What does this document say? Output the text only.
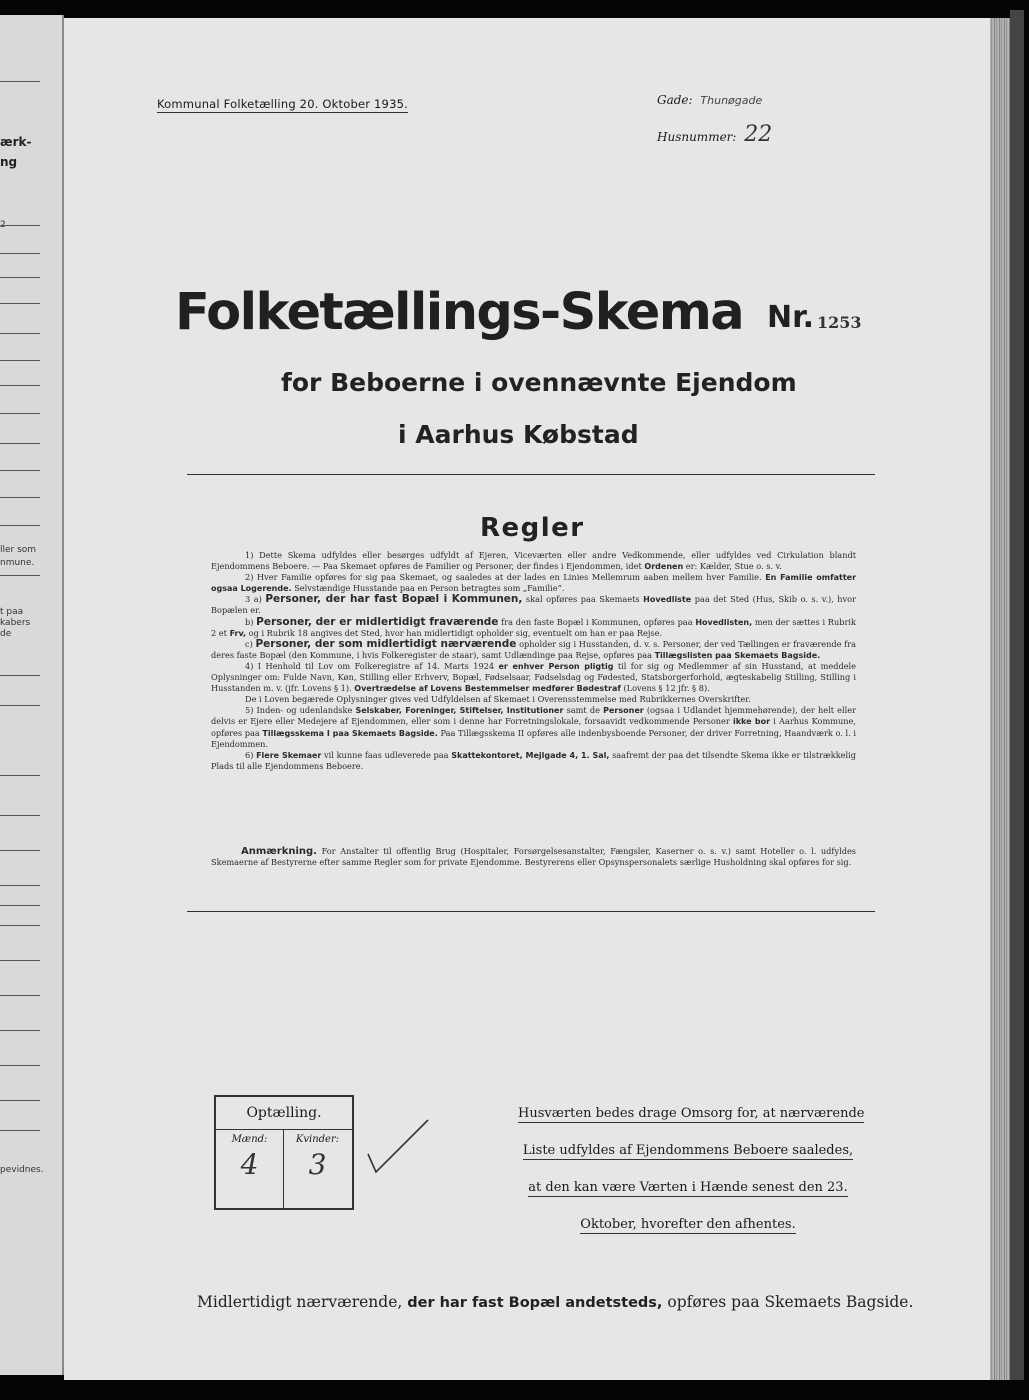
ærk-
ng
2
ller som
nmune.
t paa
kabers
de
pevidnes.
Kommunal Folketælling 20. Oktober 1935.	Gade: Thunøgade
Husnummer: 22
Folketællings-Skema Nr. 1253
for Beboerne i ovennævnte Ejendom
i Aarhus Købstad
Regler

1) Dette Skema udfyldes eller besørges udfyldt af Ejeren, Viceværten eller andre Vedkommende, eller udfyldes ved Cirkulation blandt Ejendommens Beboere. — Paa Skemaet opføres de Familier og Personer, der findes i Ejendommen, idet Ordenen er: Kælder, Stue o. s. v.

2) Hver Familie opføres for sig paa Skemaet, og saaledes at der lades en Linies Mellemrum aaben mellem hver Familie. En Familie omfatter ogsaa Logerende. Selvstændige Husstande paa en Person betragtes som „Familie“.

3 a) Personer, der har fast Bopæl i Kommunen, skal opføres paa Skemaets Hovedliste paa det Sted (Hus, Skib o. s. v.), hvor Bopælen er.

b) Personer, der er midlertidigt fraværende fra den faste Bopæl i Kommunen, opføres paa Hovedlisten, men der sættes i Rubrik 2 et Frv, og i Rubrik 18 angives det Sted, hvor han midlertidigt opholder sig, eventuelt om han er paa Rejse.

c) Personer, der som midlertidigt nærværende opholder sig i Husstanden, d. v. s. Personer, der ved Tællingen er fraværende fra deres faste Bopæl (den Kommune, i hvis Folkeregister de staar), samt Udlændinge paa Rejse, opføres paa Tillægslisten paa Skemaets Bagside.

4) I Henhold til Lov om Folkeregistre af 14. Marts 1924 er enhver Person pligtig til for sig og Medlemmer af sin Husstand, at meddele Oplysninger om: Fulde Navn, Køn, Stilling eller Erhverv, Bopæl, Fødselsaar, Fødselsdag og Fødested, Statsborgerforhold, ægteskabelig Stilling, Stilling i Husstanden m. v. (jfr. Lovens § 1). Overtrædelse af Lovens Bestemmelser medfører Bødestraf (Lovens § 12 jfr. § 8).

De i Loven begærede Oplysninger gives ved Udfyldelsen af Skemaet i Overensstemmelse med Rubrikkernes Overskrifter.

5) Inden- og udenlandske Selskaber, Foreninger, Stiftelser, Institutioner samt de Personer (ogsaa i Udlandet hjemmehørende), der helt eller delvis er Ejere eller Medejere af Ejendommen, eller som i denne har Forretningslokale, forsaavidt vedkommende Personer ikke bor i Aarhus Kommune, opføres paa Tillægsskema I paa Skemaets Bagside. Paa Tillægsskema II opføres alle indenbysboende Personer, der driver Forretning, Haandværk o. l. i Ejendommen.

6) Flere Skemaer vil kunne faas udleverede paa Skattekontoret, Mejlgade 4, 1. Sal, saafremt der paa det tilsendte Skema ikke er tilstrækkelig Plads til alle Ejendommens Beboere.

Anmærkning. For Anstalter til offentlig Brug (Hospitaler, Forsørgelsesanstalter, Fængsler, Kaserner o. s. v.) samt Hoteller o. l. udfyldes Skemaerne af Bestyrerne efter samme Regler som for private Ejendomme. Bestyrerens eller Opsynspersonalets særlige Husholdning skal opføres for sig.

Optælling.
Mænd:
4
Kvinder:
3
Husværten bedes drage Omsorg for, at nærværende
Liste udfyldes af Ejendommens Beboere saaledes,
at den kan være Værten i Hænde senest den 23.
Oktober, hvorefter den afhentes.
Midlertidigt nærværende, der har fast Bopæl andetsteds, opføres paa Skemaets Bagside.
